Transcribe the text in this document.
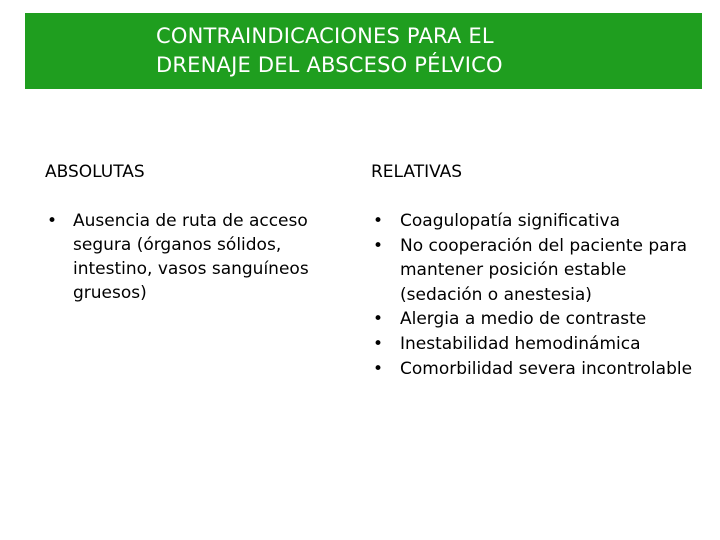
CONTRAINDICACIONES PARA EL
DRENAJE DEL ABSCESO PÉLVICO
ABSOLUTAS
• Ausencia de ruta de acceso segura (órganos sólidos, intestino, vasos sanguíneos gruesos)
RELATIVAS
• Coagulopatía significativa
• No cooperación del paciente para mantener posición estable (sedación o anestesia)
• Alergia a medio de contraste
• Inestabilidad hemodinámica
• Comorbilidad severa incontrolable
